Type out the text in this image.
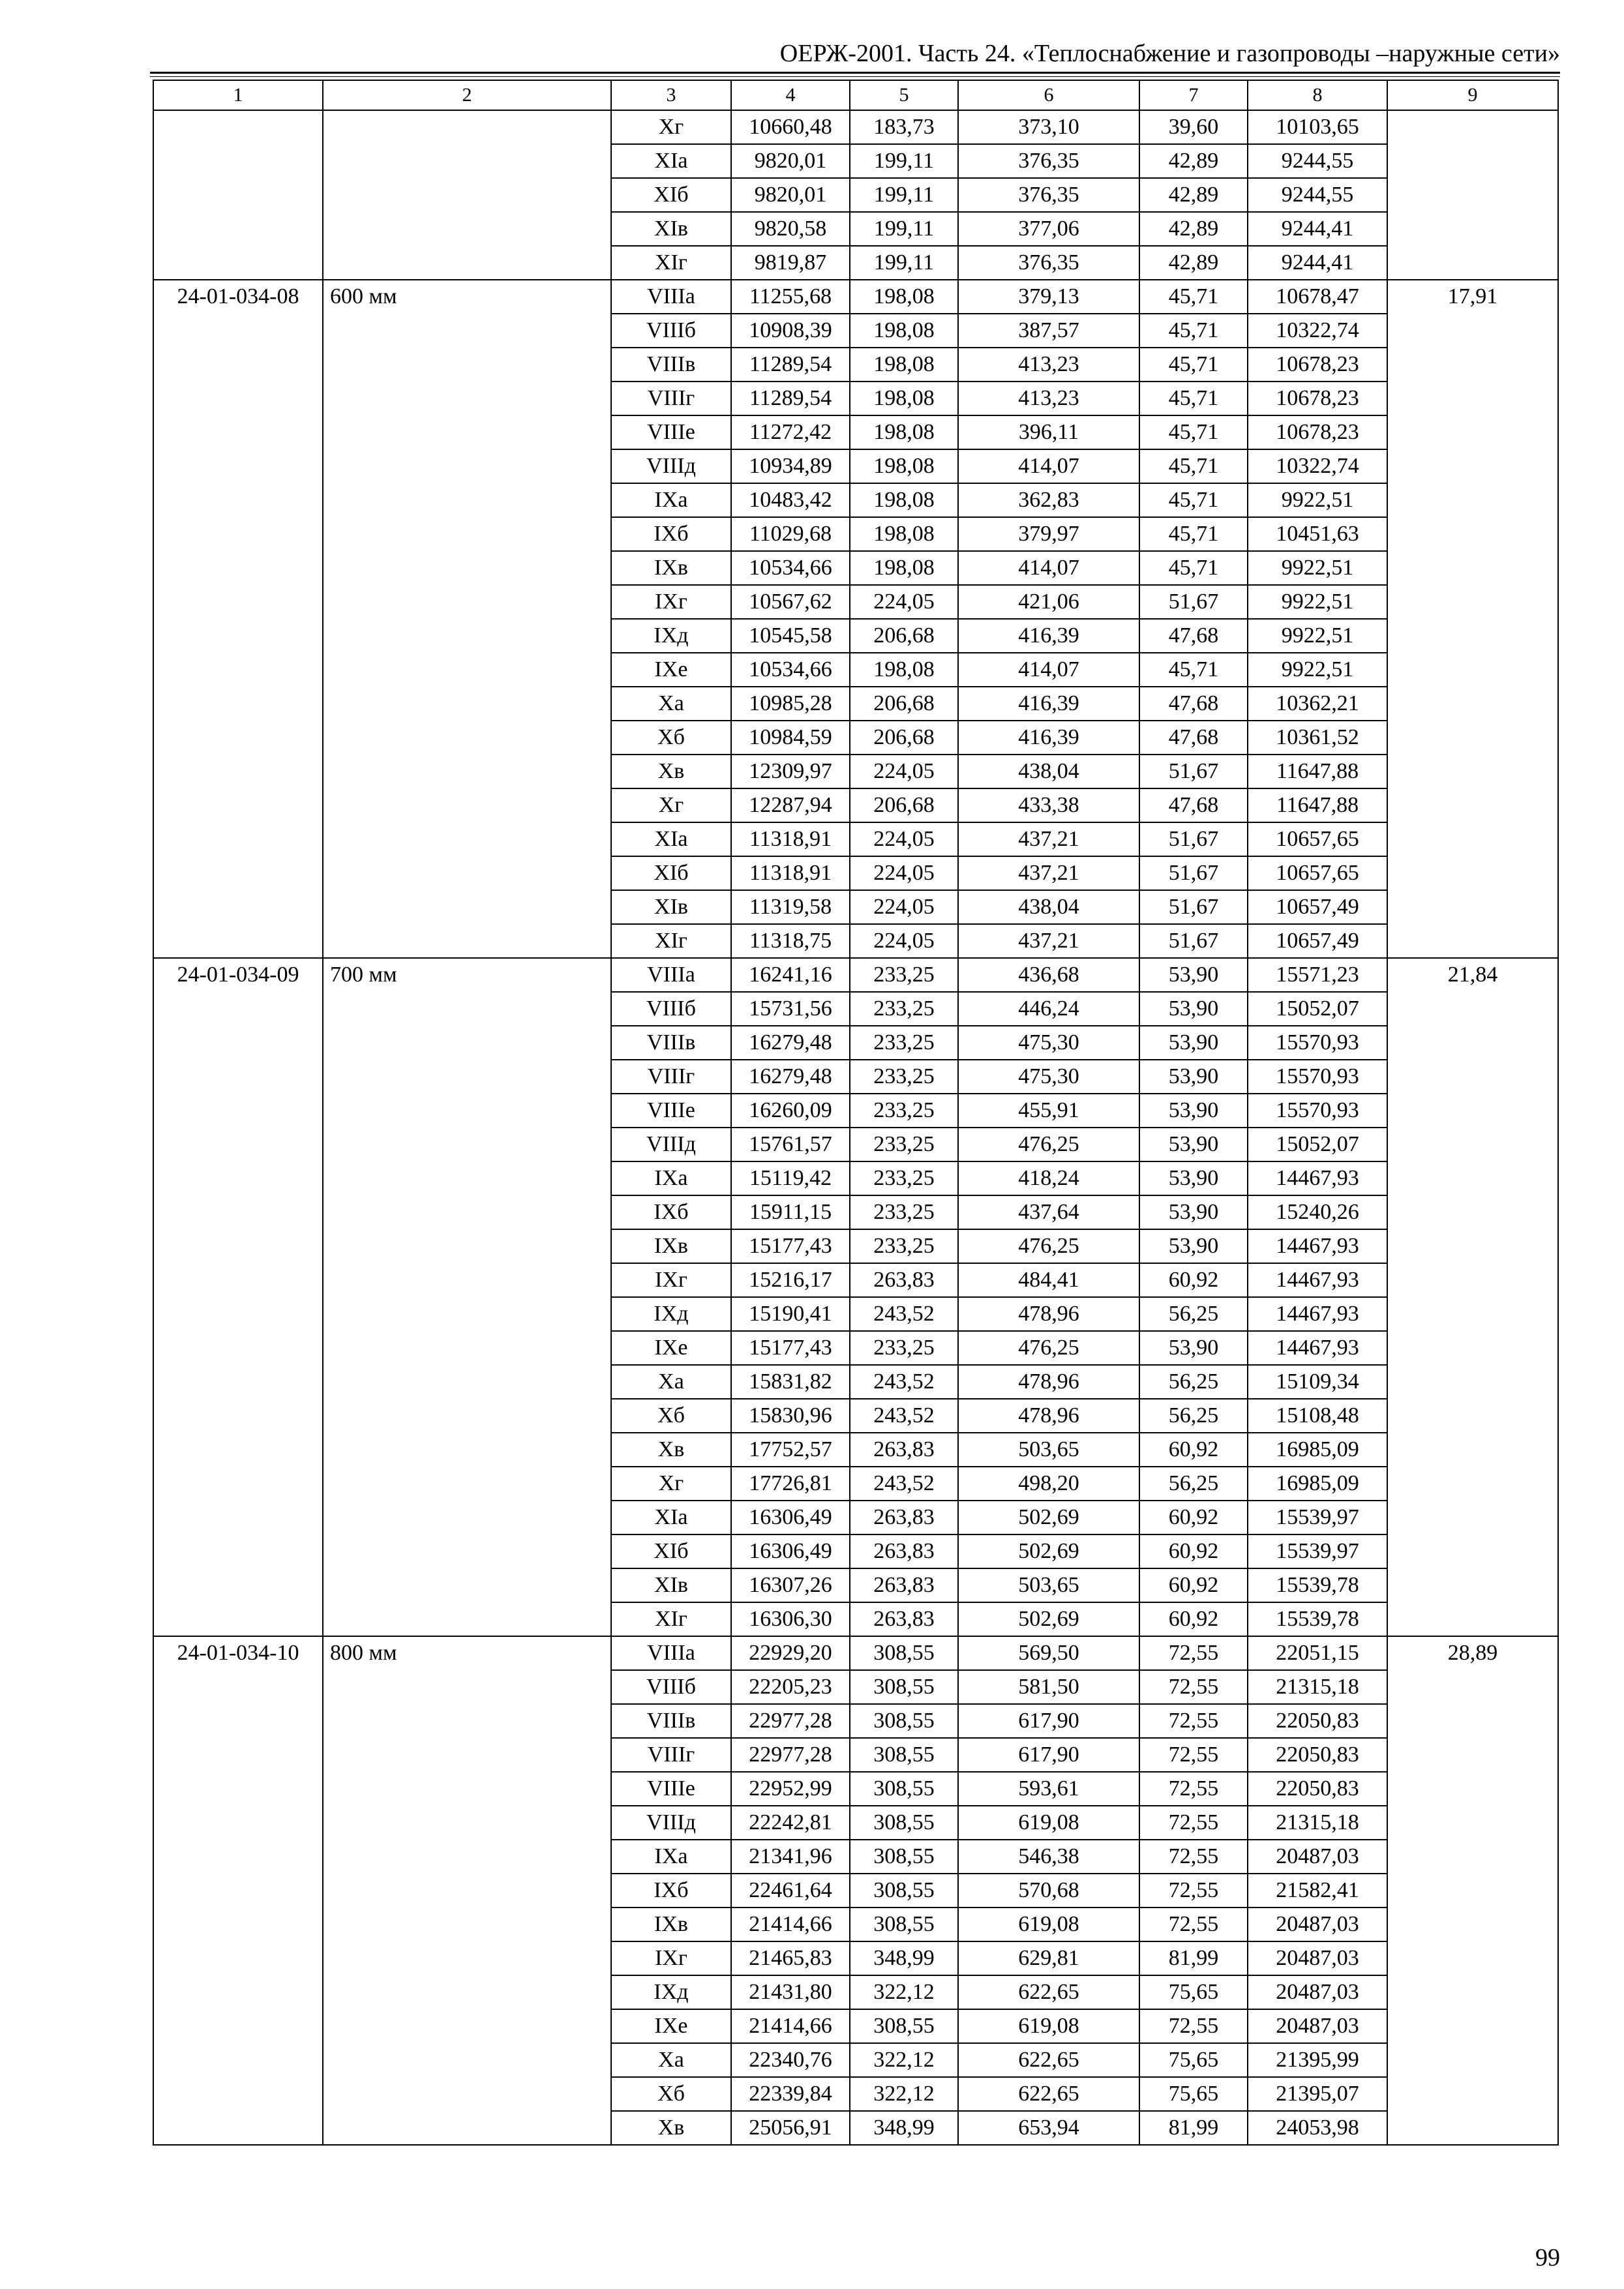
ОЕРЖ-2001. Часть 24. «Теплоснабжение и газопроводы –наружные сети»
1	2	3	4	5	6	7	8	9
		Хг	10660,48	183,73	373,10	39,60	10103,65	
		XIa	9820,01	199,11	376,35	42,89	9244,55	
		XIб	9820,01	199,11	376,35	42,89	9244,55	
		XIв	9820,58	199,11	377,06	42,89	9244,41	
		XIг	9819,87	199,11	376,35	42,89	9244,41	
24-01-034-08	600 мм	VIIIa	11255,68	198,08	379,13	45,71	10678,47	17,91
		VIIIб	10908,39	198,08	387,57	45,71	10322,74	
		VIIIв	11289,54	198,08	413,23	45,71	10678,23	
		VIIIг	11289,54	198,08	413,23	45,71	10678,23	
		VIIIe	11272,42	198,08	396,11	45,71	10678,23	
		VIIIд	10934,89	198,08	414,07	45,71	10322,74	
		IXa	10483,42	198,08	362,83	45,71	9922,51	
		IXб	11029,68	198,08	379,97	45,71	10451,63	
		IXв	10534,66	198,08	414,07	45,71	9922,51	
		IXг	10567,62	224,05	421,06	51,67	9922,51	
		IXд	10545,58	206,68	416,39	47,68	9922,51	
		IXe	10534,66	198,08	414,07	45,71	9922,51	
		Xa	10985,28	206,68	416,39	47,68	10362,21	
		Xб	10984,59	206,68	416,39	47,68	10361,52	
		Xв	12309,97	224,05	438,04	51,67	11647,88	
		Xг	12287,94	206,68	433,38	47,68	11647,88	
		XIa	11318,91	224,05	437,21	51,67	10657,65	
		XIб	11318,91	224,05	437,21	51,67	10657,65	
		XIв	11319,58	224,05	438,04	51,67	10657,49	
		XIг	11318,75	224,05	437,21	51,67	10657,49	
24-01-034-09	700 мм	VIIIa	16241,16	233,25	436,68	53,90	15571,23	21,84
		VIIIб	15731,56	233,25	446,24	53,90	15052,07	
		VIIIв	16279,48	233,25	475,30	53,90	15570,93	
		VIIIг	16279,48	233,25	475,30	53,90	15570,93	
		VIIIe	16260,09	233,25	455,91	53,90	15570,93	
		VIIIд	15761,57	233,25	476,25	53,90	15052,07	
		IXa	15119,42	233,25	418,24	53,90	14467,93	
		IXб	15911,15	233,25	437,64	53,90	15240,26	
		IXв	15177,43	233,25	476,25	53,90	14467,93	
		IXг	15216,17	263,83	484,41	60,92	14467,93	
		IXд	15190,41	243,52	478,96	56,25	14467,93	
		IXe	15177,43	233,25	476,25	53,90	14467,93	
		Xa	15831,82	243,52	478,96	56,25	15109,34	
		Xб	15830,96	243,52	478,96	56,25	15108,48	
		Xв	17752,57	263,83	503,65	60,92	16985,09	
		Xг	17726,81	243,52	498,20	56,25	16985,09	
		XIa	16306,49	263,83	502,69	60,92	15539,97	
		XIб	16306,49	263,83	502,69	60,92	15539,97	
		XIв	16307,26	263,83	503,65	60,92	15539,78	
		XIг	16306,30	263,83	502,69	60,92	15539,78	
24-01-034-10	800 мм	VIIIa	22929,20	308,55	569,50	72,55	22051,15	28,89
		VIIIб	22205,23	308,55	581,50	72,55	21315,18	
		VIIIв	22977,28	308,55	617,90	72,55	22050,83	
		VIIIг	22977,28	308,55	617,90	72,55	22050,83	
		VIIIe	22952,99	308,55	593,61	72,55	22050,83	
		VIIIд	22242,81	308,55	619,08	72,55	21315,18	
		IXa	21341,96	308,55	546,38	72,55	20487,03	
		IXб	22461,64	308,55	570,68	72,55	21582,41	
		IXв	21414,66	308,55	619,08	72,55	20487,03	
		IXг	21465,83	348,99	629,81	81,99	20487,03	
		IXд	21431,80	322,12	622,65	75,65	20487,03	
		IXe	21414,66	308,55	619,08	72,55	20487,03	
		Xa	22340,76	322,12	622,65	75,65	21395,99	
		Xб	22339,84	322,12	622,65	75,65	21395,07	
		Xв	25056,91	348,99	653,94	81,99	24053,98	
99
